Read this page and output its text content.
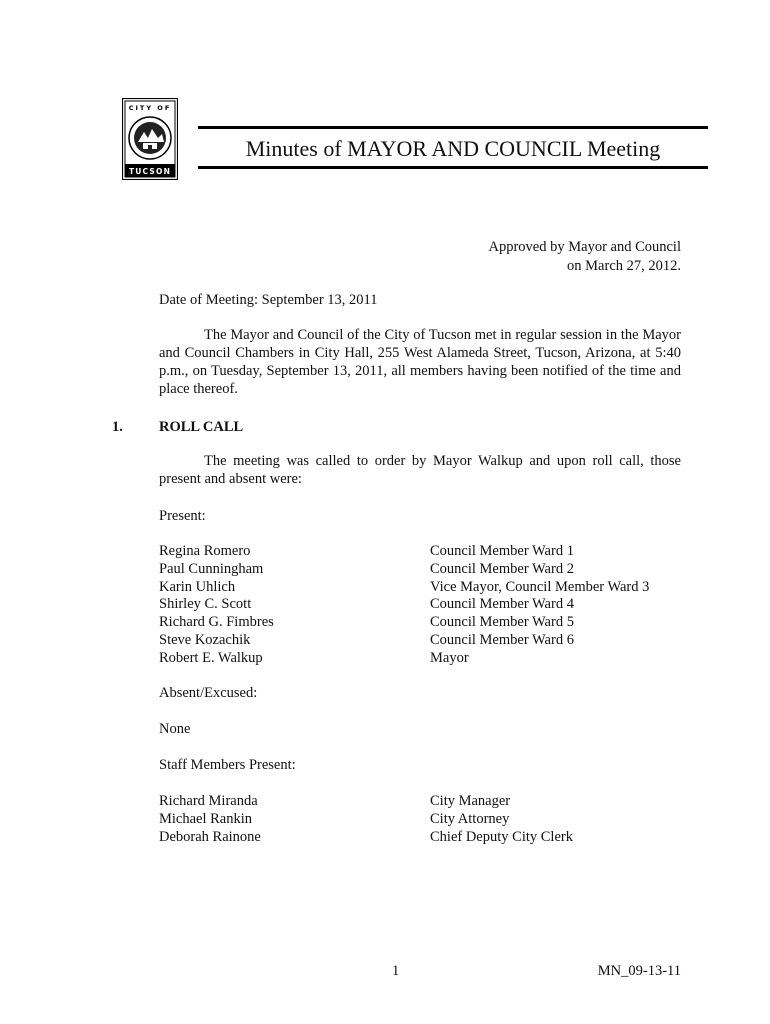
CITY OF
TUCSON
Minutes of MAYOR AND COUNCIL Meeting
Approved by Mayor and Council
on March 27, 2012.
Date of Meeting: September 13, 2011
The Mayor and Council of the City of Tucson met in regular session in the Mayor and Council Chambers in City Hall, 255 West Alameda Street, Tucson, Arizona, at 5:40 p.m., on Tuesday, September 13, 2011, all members having been notified of the time and place thereof.
1. ROLL CALL
The meeting was called to order by Mayor Walkup and upon roll call, those present and absent were:
Present:
Regina Romero
Paul Cunningham
Karin Uhlich
Shirley C. Scott
Richard G. Fimbres
Steve Kozachik
Robert E. Walkup
Council Member Ward 1
Council Member Ward 2
Vice Mayor, Council Member Ward 3
Council Member Ward 4
Council Member Ward 5
Council Member Ward 6
Mayor
Absent/Excused:
None
Staff Members Present:
Richard Miranda
Michael Rankin
Deborah Rainone
City Manager
City Attorney
Chief Deputy City Clerk
1	MN_09-13-11
